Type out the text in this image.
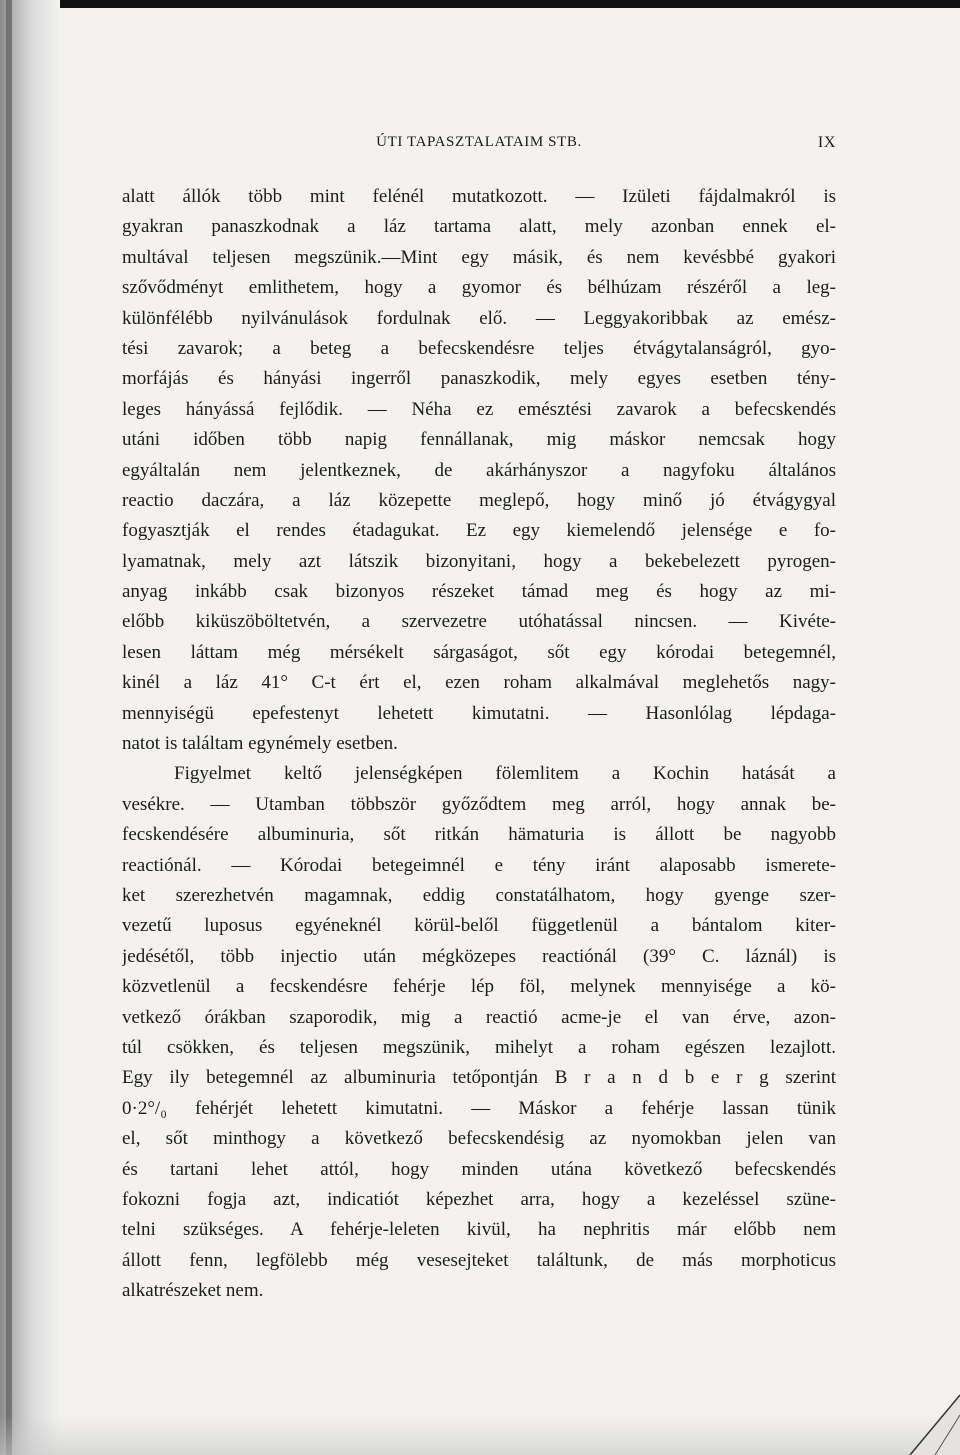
ÚTI TAPASZTALATAIM STB.	IX
alatt állók több mint felénél mutatkozott. — Izületi fájdalmakról is
gyakran panaszkodnak a láz tartama alatt, mely azonban ennek el-
multával teljesen megszünik.—Mint egy másik, és nem kevésbbé gyakori
szővődményt emlithetem, hogy a gyomor és bélhúzam részéről a leg-
különfélébb nyilvánulások fordulnak elő. — Leggyakoribbak az emész-
tési zavarok; a beteg a befecskendésre teljes étvágytalanságról, gyo-
morfájás és hányási ingerről panaszkodik, mely egyes esetben tény-
leges hányássá fejlődik. — Néha ez emésztési zavarok a befecskendés
utáni időben több napig fennállanak, mig máskor nemcsak hogy
egyáltalán nem jelentkeznek, de akárhányszor a nagyfoku általános
reactio daczára, a láz közepette meglepő, hogy minő jó étvágygyal
fogyasztják el rendes étadagukat. Ez egy kiemelendő jelensége e fo-
lyamatnak, mely azt látszik bizonyitani, hogy a bekebelezett pyrogen-
anyag inkább csak bizonyos részeket támad meg és hogy az mi-
előbb kiküszöböltetvén, a szervezetre utóhatással nincsen. — Kivéte-
lesen láttam még mérsékelt sárgaságot, sőt egy kórodai betegemnél,
kinél a láz 41° C-t ért el, ezen roham alkalmával meglehetős nagy-
mennyiségü epefestenyt lehetett kimutatni. — Hasonlólag lépdaga-
natot is találtam egynémely esetben.
Figyelmet keltő jelenségképen fölemlitem a Kochin hatását a
vesékre. — Utamban többször győződtem meg arról, hogy annak be-
fecskendésére albuminuria, sőt ritkán hämaturia is állott be nagyobb
reactiónál. — Kórodai betegeimnél e tény iránt alaposabb ismerete-
ket szerezhetvén magamnak, eddig constatálhatom, hogy gyenge szer-
vezetű luposus egyéneknél körül-belől függetlenül a bántalom kiter-
jedésétől, több injectio után mégközepes reactiónál (39° C. láznál) is
közvetlenül a fecskendésre fehérje lép föl, melynek mennyisége a kö-
vetkező órákban szaporodik, mig a reactió acme-je el van érve, azon-
túl csökken, és teljesen megszünik, mihelyt a roham egészen lezajlott.
Egy ily betegemnél az albuminuria tetőpontján B r a n d b e r g szerint
0·2°/₀ fehérjét lehetett kimutatni. — Máskor a fehérje lassan tünik
el, sőt minthogy a következő befecskendésig az nyomokban jelen van
és tartani lehet attól, hogy minden utána következő befecskendés
fokozni fogja azt, indicatiót képezhet arra, hogy a kezeléssel szüne-
telni szükséges. A fehérje-leleten kivül, ha nephritis már előbb nem
állott fenn, legfölebb még vesesejteket találtunk, de más morphoticus
alkatrészeket nem.
